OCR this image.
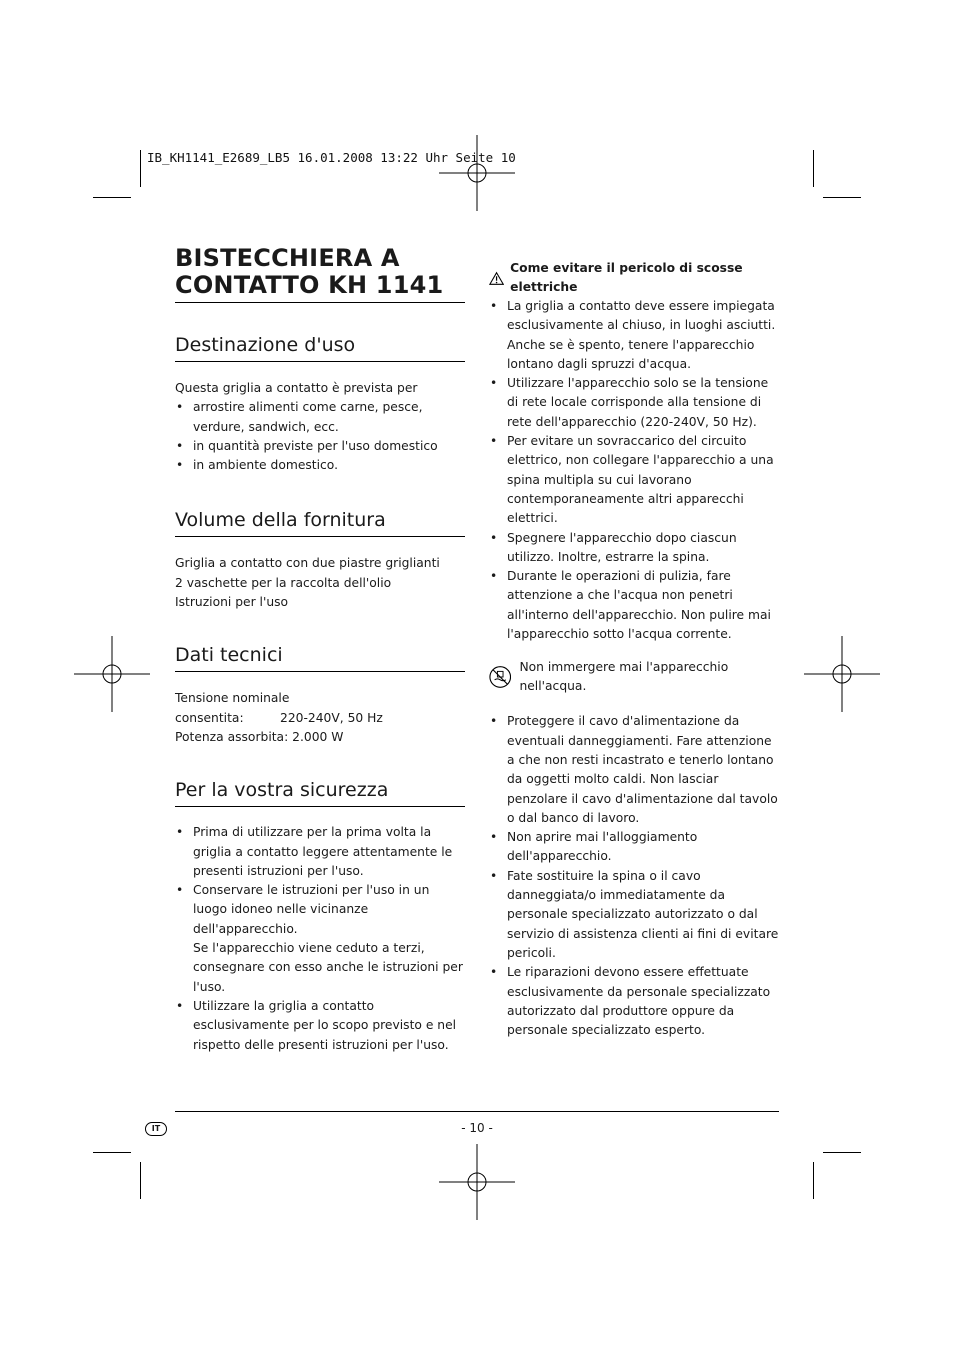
IB_KH1141_E2689_LB5 16.01.2008 13:22 Uhr Seite 10
BISTECCHIERA A
CONTATTO KH 1141
Destinazione d'uso

Questa griglia a contatto è prevista per

• arrostire alimenti come carne, pesce, verdure, sandwich, ecc.
• in quantità previste per l'uso domestico
• in ambiente domestico.
Volume della fornitura

Griglia a contatto con due piastre griglianti

2 vaschette per la raccolta dell'olio

Istruzioni per l'uso

Dati tecnici

Tensione nominale

consentita:	220-240V, 50 Hz

Potenza assorbita: 2.000 W

Per la vostra sicurezza
• Prima di utilizzare per la prima volta la griglia a contatto leggere attentamente le presenti istruzioni per l'uso.
• Conservare le istruzioni per l'uso in un luogo idoneo nelle vicinanze dell'apparecchio.
Se l'apparecchio viene ceduto a terzi, consegnare con esso anche le istruzioni per l'uso.
• Utilizzare la griglia a contatto esclusivamente per lo scopo previsto e nel rispetto delle presenti istruzioni per l'uso.
Come evitare il pericolo di scosse elettriche
• La griglia a contatto deve essere impiegata esclusivamente al chiuso, in luoghi asciutti. Anche se è spento, tenere l'apparecchio lontano dagli spruzzi d'acqua.
• Utilizzare l'apparecchio solo se la tensione di rete locale corrisponde alla tensione di rete dell'apparecchio (220-240V, 50 Hz).
• Per evitare un sovraccarico del circuito elettrico, non collegare l'apparecchio a una spina multipla su cui lavorano contemporaneamente altri apparecchi elettrici.
• Spegnere l'apparecchio dopo ciascun utilizzo. Inoltre, estrarre la spina.
• Durante le operazioni di pulizia, fare attenzione a che l'acqua non penetri all'interno dell'apparecchio. Non pulire mai l'apparecchio sotto l'acqua corrente.
Non immergere mai l'apparecchio nell'acqua.
• Proteggere il cavo d'alimentazione da eventuali danneggiamenti. Fare attenzione a che non resti incastrato e tenerlo lontano da oggetti molto caldi. Non lasciar penzolare il cavo d'alimentazione dal tavolo o dal banco di lavoro.
• Non aprire mai l'alloggiamento dell'apparecchio.
• Fate sostituire la spina o il cavo danneggiata/o immediatamente da personale specializzato autorizzato o dal servizio di assistenza clienti ai fini di evitare pericoli.
• Le riparazioni devono essere effettuate esclusivamente da personale specializzato autorizzato dal produttore oppure da personale specializzato esperto.
IT	- 10 -
